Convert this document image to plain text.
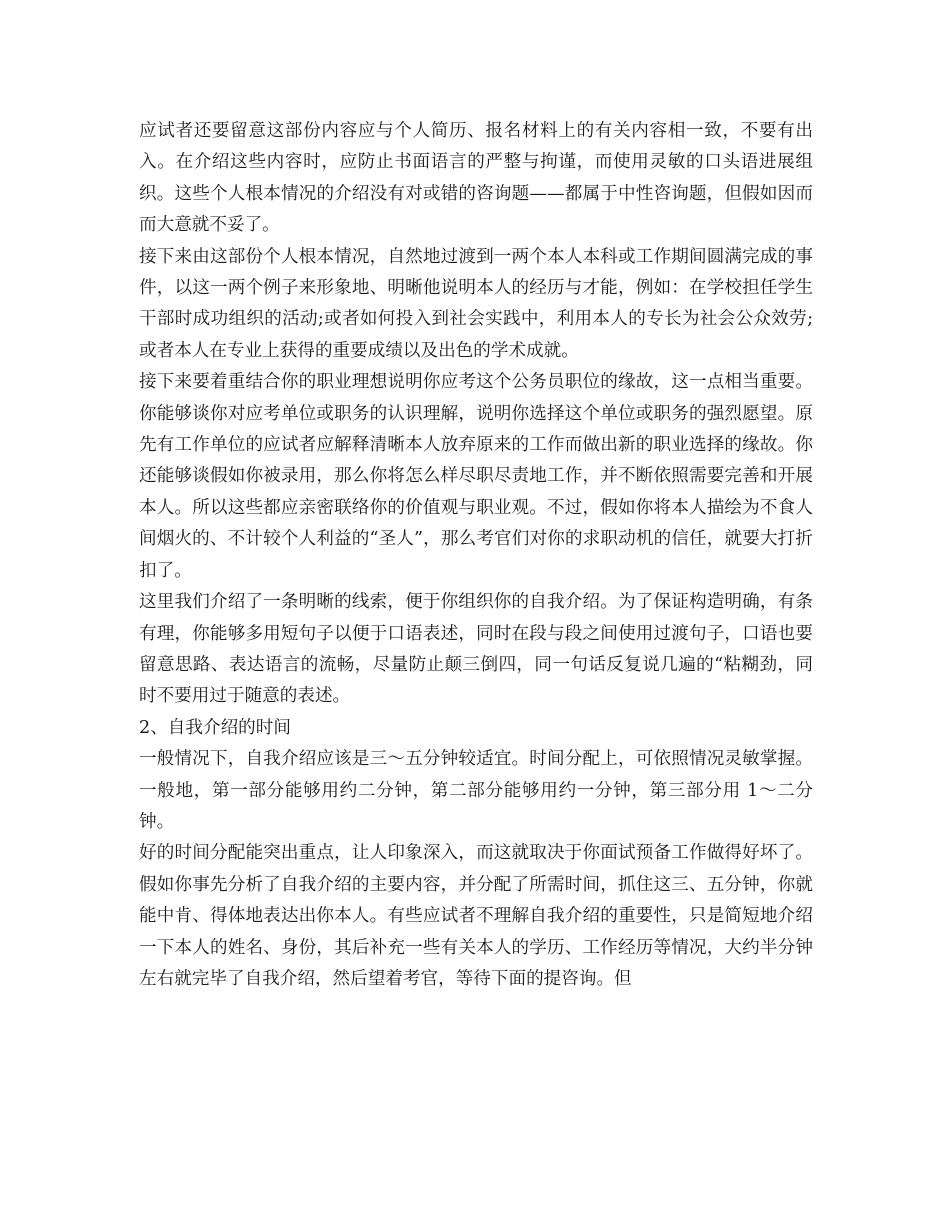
应试者还要留意这部份内容应与个人简历、报名材料上的有关内容相一致，不要有出入。在介绍这些内容时，应防止书面语言的严整与拘谨，而使用灵敏的口头语进展组织。这些个人根本情况的介绍没有对或错的咨询题——都属于中性咨询题，但假如因而而大意就不妥了。

接下来由这部份个人根本情况，自然地过渡到一两个本人本科或工作期间圆满完成的事件，以这一两个例子来形象地、明晰他说明本人的经历与才能，例如：在学校担任学生干部时成功组织的活动;或者如何投入到社会实践中，利用本人的专长为社会公众效劳;或者本人在专业上获得的重要成绩以及出色的学术成就。

接下来要着重结合你的职业理想说明你应考这个公务员职位的缘故，这一点相当重要。你能够谈你对应考单位或职务的认识理解，说明你选择这个单位或职务的强烈愿望。原先有工作单位的应试者应解释清晰本人放弃原来的工作而做出新的职业选择的缘故。你还能够谈假如你被录用，那么你将怎么样尽职尽责地工作，并不断依照需要完善和开展本人。所以这些都应亲密联络你的价值观与职业观。不过，假如你将本人描绘为不食人间烟火的、不计较个人利益的“圣人”，那么考官们对你的求职动机的信任，就要大打折扣了。

这里我们介绍了一条明晰的线索，便于你组织你的自我介绍。为了保证构造明确，有条有理，你能够多用短句子以便于口语表述，同时在段与段之间使用过渡句子，口语也要留意思路、表达语言的流畅，尽量防止颠三倒四，同一句话反复说几遍的“粘糊劲，同时不要用过于随意的表述。

2、自我介绍的时间

一般情况下，自我介绍应该是三～五分钟较适宜。时间分配上，可依照情况灵敏掌握。一般地，第一部分能够用约二分钟，第二部分能够用约一分钟，第三部分用 1～二分钟。

好的时间分配能突出重点，让人印象深入，而这就取决于你面试预备工作做得好坏了。假如你事先分析了自我介绍的主要内容，并分配了所需时间，抓住这三、五分钟，你就能中肯、得体地表达出你本人。有些应试者不理解自我介绍的重要性，只是简短地介绍一下本人的姓名、身份，其后补充一些有关本人的学历、工作经历等情况，大约半分钟左右就完毕了自我介绍，然后望着考官，等待下面的提咨询。但
